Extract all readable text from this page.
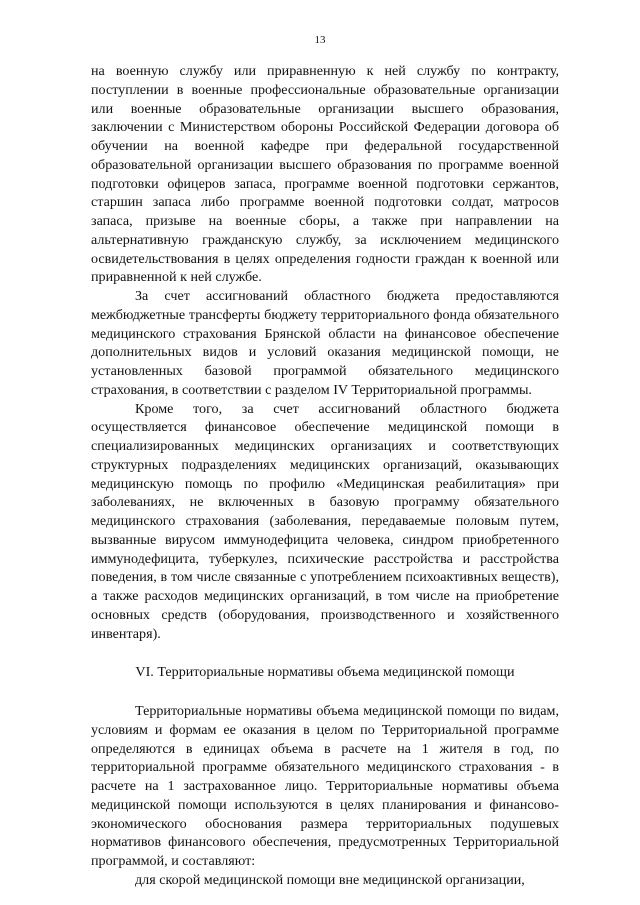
13

на военную службу или приравненную к ней службу по контракту, поступлении в военные профессиональные образовательные организации или военные образовательные организации высшего образования, заключении с Министерством обороны Российской Федерации договора об обучении на военной кафедре при федеральной государственной образовательной организации высшего образования по программе военной подготовки офицеров запаса, программе военной подготовки сержантов, старшин запаса либо программе военной подготовки солдат, матросов запаса, призыве на военные сборы, а также при направлении на альтернативную гражданскую службу, за исключением медицинского освидетельствования в целях определения годности граждан к военной или приравненной к ней службе.

За счет ассигнований областного бюджета предоставляются межбюджетные трансферты бюджету территориального фонда обязательного медицинского страхования Брянской области на финансовое обеспечение дополнительных видов и условий оказания медицинской помощи, не установленных базовой программой обязательного медицинского страхования, в соответствии с разделом IV Территориальной программы.

Кроме того, за счет ассигнований областного бюджета осуществляется финансовое обеспечение медицинской помощи в специализированных медицинских организациях и соответствующих структурных подразделениях медицинских организаций, оказывающих медицинскую помощь по профилю «Медицинская реабилитация» при заболеваниях, не включенных в базовую программу обязательного медицинского страхования (заболевания, передаваемые половым путем, вызванные вирусом иммунодефицита человека, синдром приобретенного иммунодефицита, туберкулез, психические расстройства и расстройства поведения, в том числе связанные с употреблением психоактивных веществ), а также расходов медицинских организаций, в том числе на приобретение основных средств (оборудования, производственного и хозяйственного инвентаря).

VI. Территориальные нормативы объема медицинской помощи

Территориальные нормативы объема медицинской помощи по видам, условиям и формам ее оказания в целом по Территориальной программе определяются в единицах объема в расчете на 1 жителя в год, по территориальной программе обязательного медицинского страхования - в расчете на 1 застрахованное лицо. Территориальные нормативы объема медицинской помощи используются в целях планирования и финансово-экономического обоснования размера территориальных подушевых нормативов финансового обеспечения, предусмотренных Территориальной программой, и составляют:

для скорой медицинской помощи вне медицинской организации,
